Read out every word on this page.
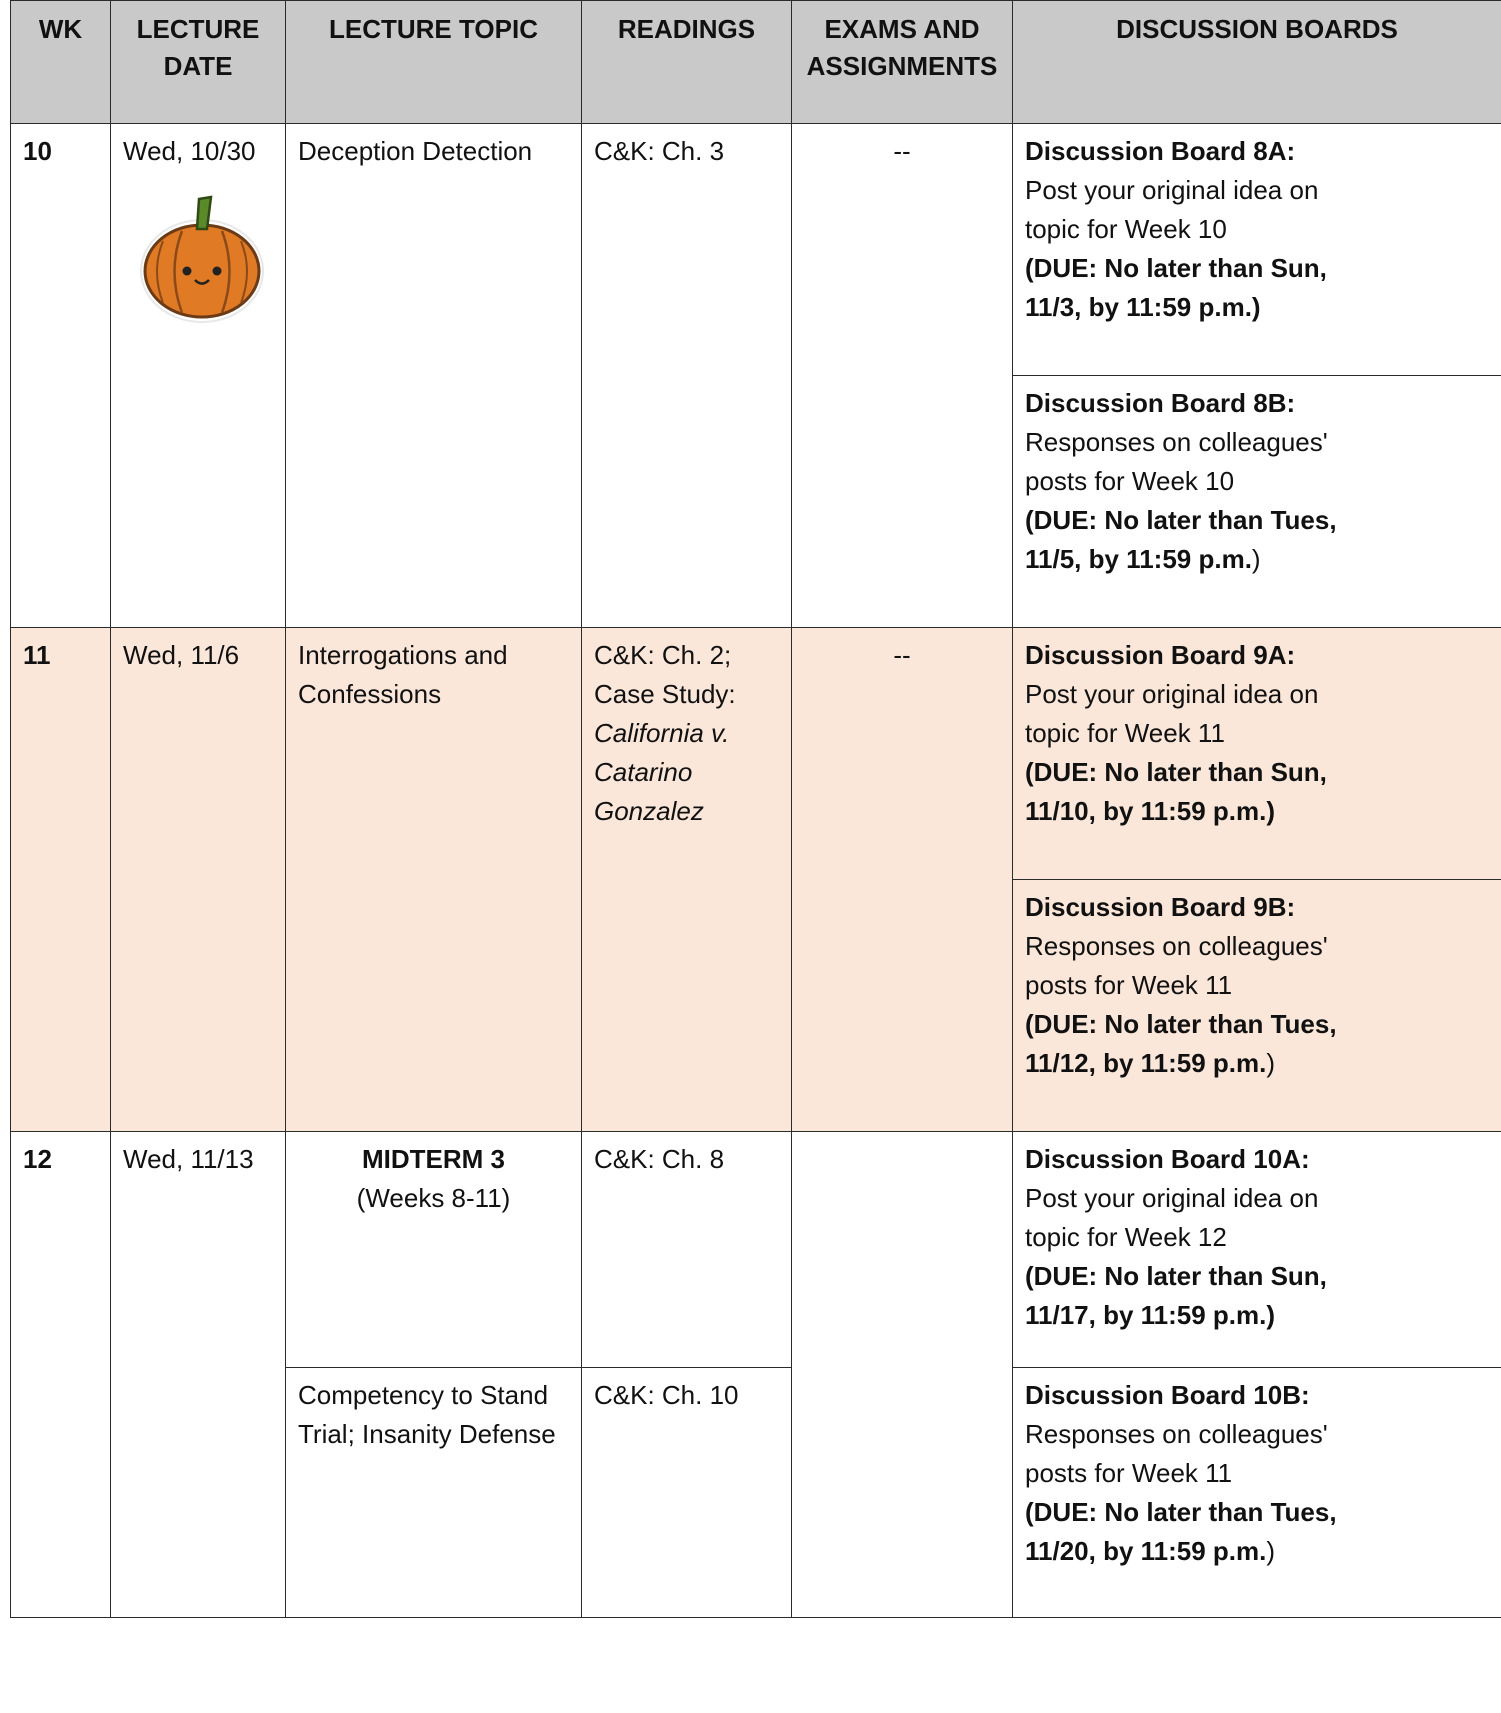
WK	LECTURE DATE	LECTURE TOPIC	READINGS	EXAMS AND ASSIGNMENTS	DISCUSSION BOARDS
10	Wed, 10/30	Deception Detection	C&K: Ch. 3	--	Discussion Board 8A:
Post your original idea on
topic for Week 10
(DUE: No later than Sun,
11/3, by 11:59 p.m.)

					Discussion Board 8B:
Responses on colleagues'
posts for Week 10
(DUE: No later than Tues,
11/5, by 11:59 p.m.)

11	Wed, 11/6	Interrogations and Confessions	C&K: Ch. 2;
Case Study:
California v. Catarino Gonzalez	--	Discussion Board 9A:
Post your original idea on
topic for Week 11
(DUE: No later than Sun,
11/10, by 11:59 p.m.)

					Discussion Board 9B:
Responses on colleagues'
posts for Week 11
(DUE: No later than Tues,
11/12, by 11:59 p.m.)

12	Wed, 11/13	MIDTERM 3
(Weeks 8-11)	C&K: Ch. 8		Discussion Board 10A:
Post your original idea on
topic for Week 12
(DUE: No later than Sun,
11/17, by 11:59 p.m.)

		Competency to Stand Trial; Insanity Defense	C&K: Ch. 10		Discussion Board 10B:
Responses on colleagues'
posts for Week 11
(DUE: No later than Tues,
11/20, by 11:59 p.m.)
